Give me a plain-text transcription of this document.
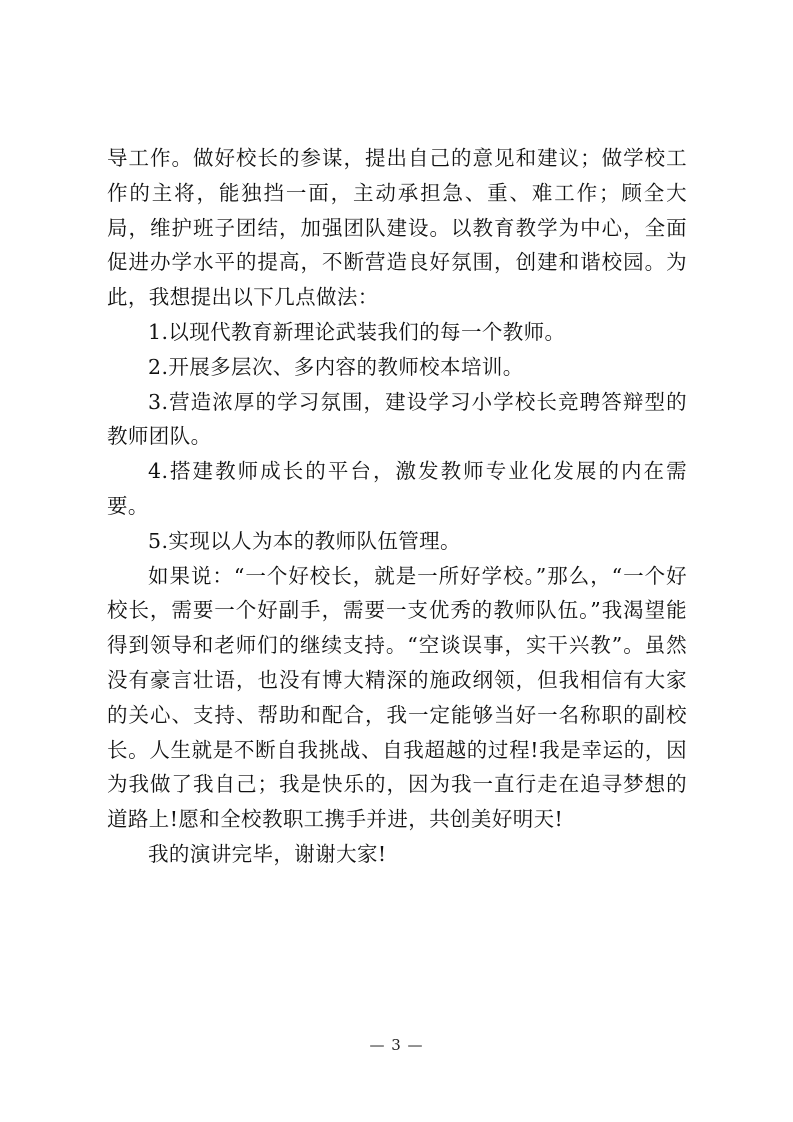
导工作。做好校长的参谋，提出自己的意见和建议；做学校工作的主将，能独挡一面，主动承担急、重、难工作；顾全大局，维护班子团结，加强团队建设。以教育教学为中心，全面促进办学水平的提高，不断营造良好氛围，创建和谐校园。为此，我想提出以下几点做法：

1.以现代教育新理论武装我们的每一个教师。

2.开展多层次、多内容的教师校本培训。

3.营造浓厚的学习氛围，建设学习小学校长竞聘答辩型的教师团队。

4.搭建教师成长的平台，激发教师专业化发展的内在需要。

5.实现以人为本的教师队伍管理。

如果说：“一个好校长，就是一所好学校。”那么，“一个好校长，需要一个好副手，需要一支优秀的教师队伍。”我渴望能得到领导和老师们的继续支持。“空谈误事，实干兴教”。虽然没有豪言壮语，也没有博大精深的施政纲领，但我相信有大家的关心、支持、帮助和配合，我一定能够当好一名称职的副校长。人生就是不断自我挑战、自我超越的过程!我是幸运的，因为我做了我自己；我是快乐的，因为我一直行走在追寻梦想的道路上!愿和全校教职工携手并进，共创美好明天!

我的演讲完毕，谢谢大家!

— 3 —
